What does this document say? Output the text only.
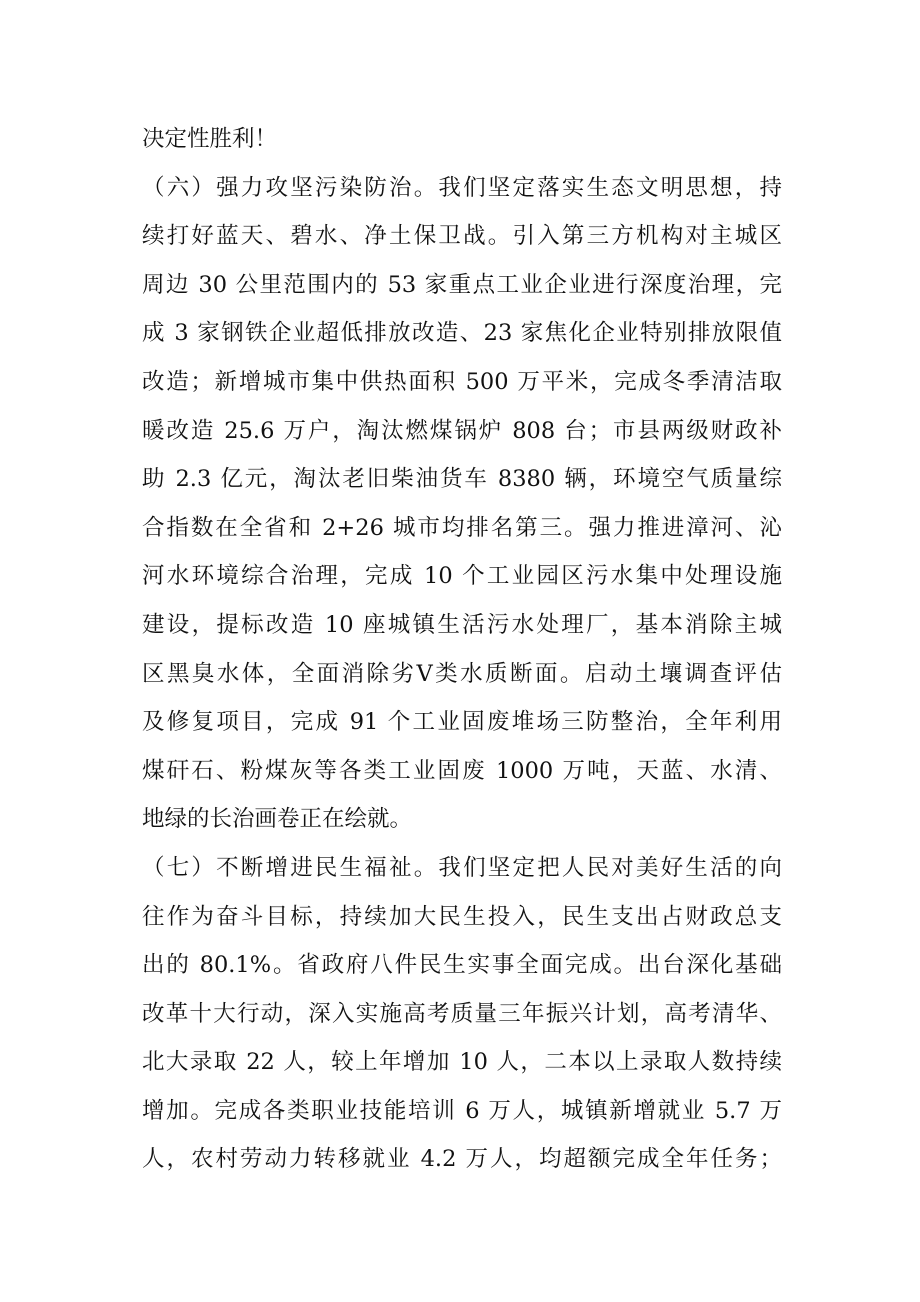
决定性胜利！
（六）强力攻坚污染防治。我们坚定落实生态文明思想，持
续打好蓝天、碧水、净土保卫战。引入第三方机构对主城区
周边 30 公里范围内的 53 家重点工业企业进行深度治理，完
成 3 家钢铁企业超低排放改造、23 家焦化企业特别排放限值
改造；新增城市集中供热面积 500 万平米，完成冬季清洁取
暖改造 25.6 万户，淘汰燃煤锅炉 808 台；市县两级财政补
助 2.3 亿元，淘汰老旧柴油货车 8380 辆，环境空气质量综
合指数在全省和 2+26 城市均排名第三。强力推进漳河、沁
河水环境综合治理，完成 10 个工业园区污水集中处理设施
建设，提标改造 10 座城镇生活污水处理厂，基本消除主城
区黑臭水体，全面消除劣Ⅴ类水质断面。启动土壤调查评估
及修复项目，完成 91 个工业固废堆场三防整治，全年利用
煤矸石、粉煤灰等各类工业固废 1000 万吨，天蓝、水清、
地绿的长治画卷正在绘就。
（七）不断增进民生福祉。我们坚定把人民对美好生活的向
往作为奋斗目标，持续加大民生投入，民生支出占财政总支
出的 80.1%。省政府八件民生实事全面完成。出台深化基础
改革十大行动，深入实施高考质量三年振兴计划，高考清华、
北大录取 22 人，较上年增加 10 人，二本以上录取人数持续
增加。完成各类职业技能培训 6 万人，城镇新增就业 5.7 万
人，农村劳动力转移就业 4.2 万人，均超额完成全年任务；
